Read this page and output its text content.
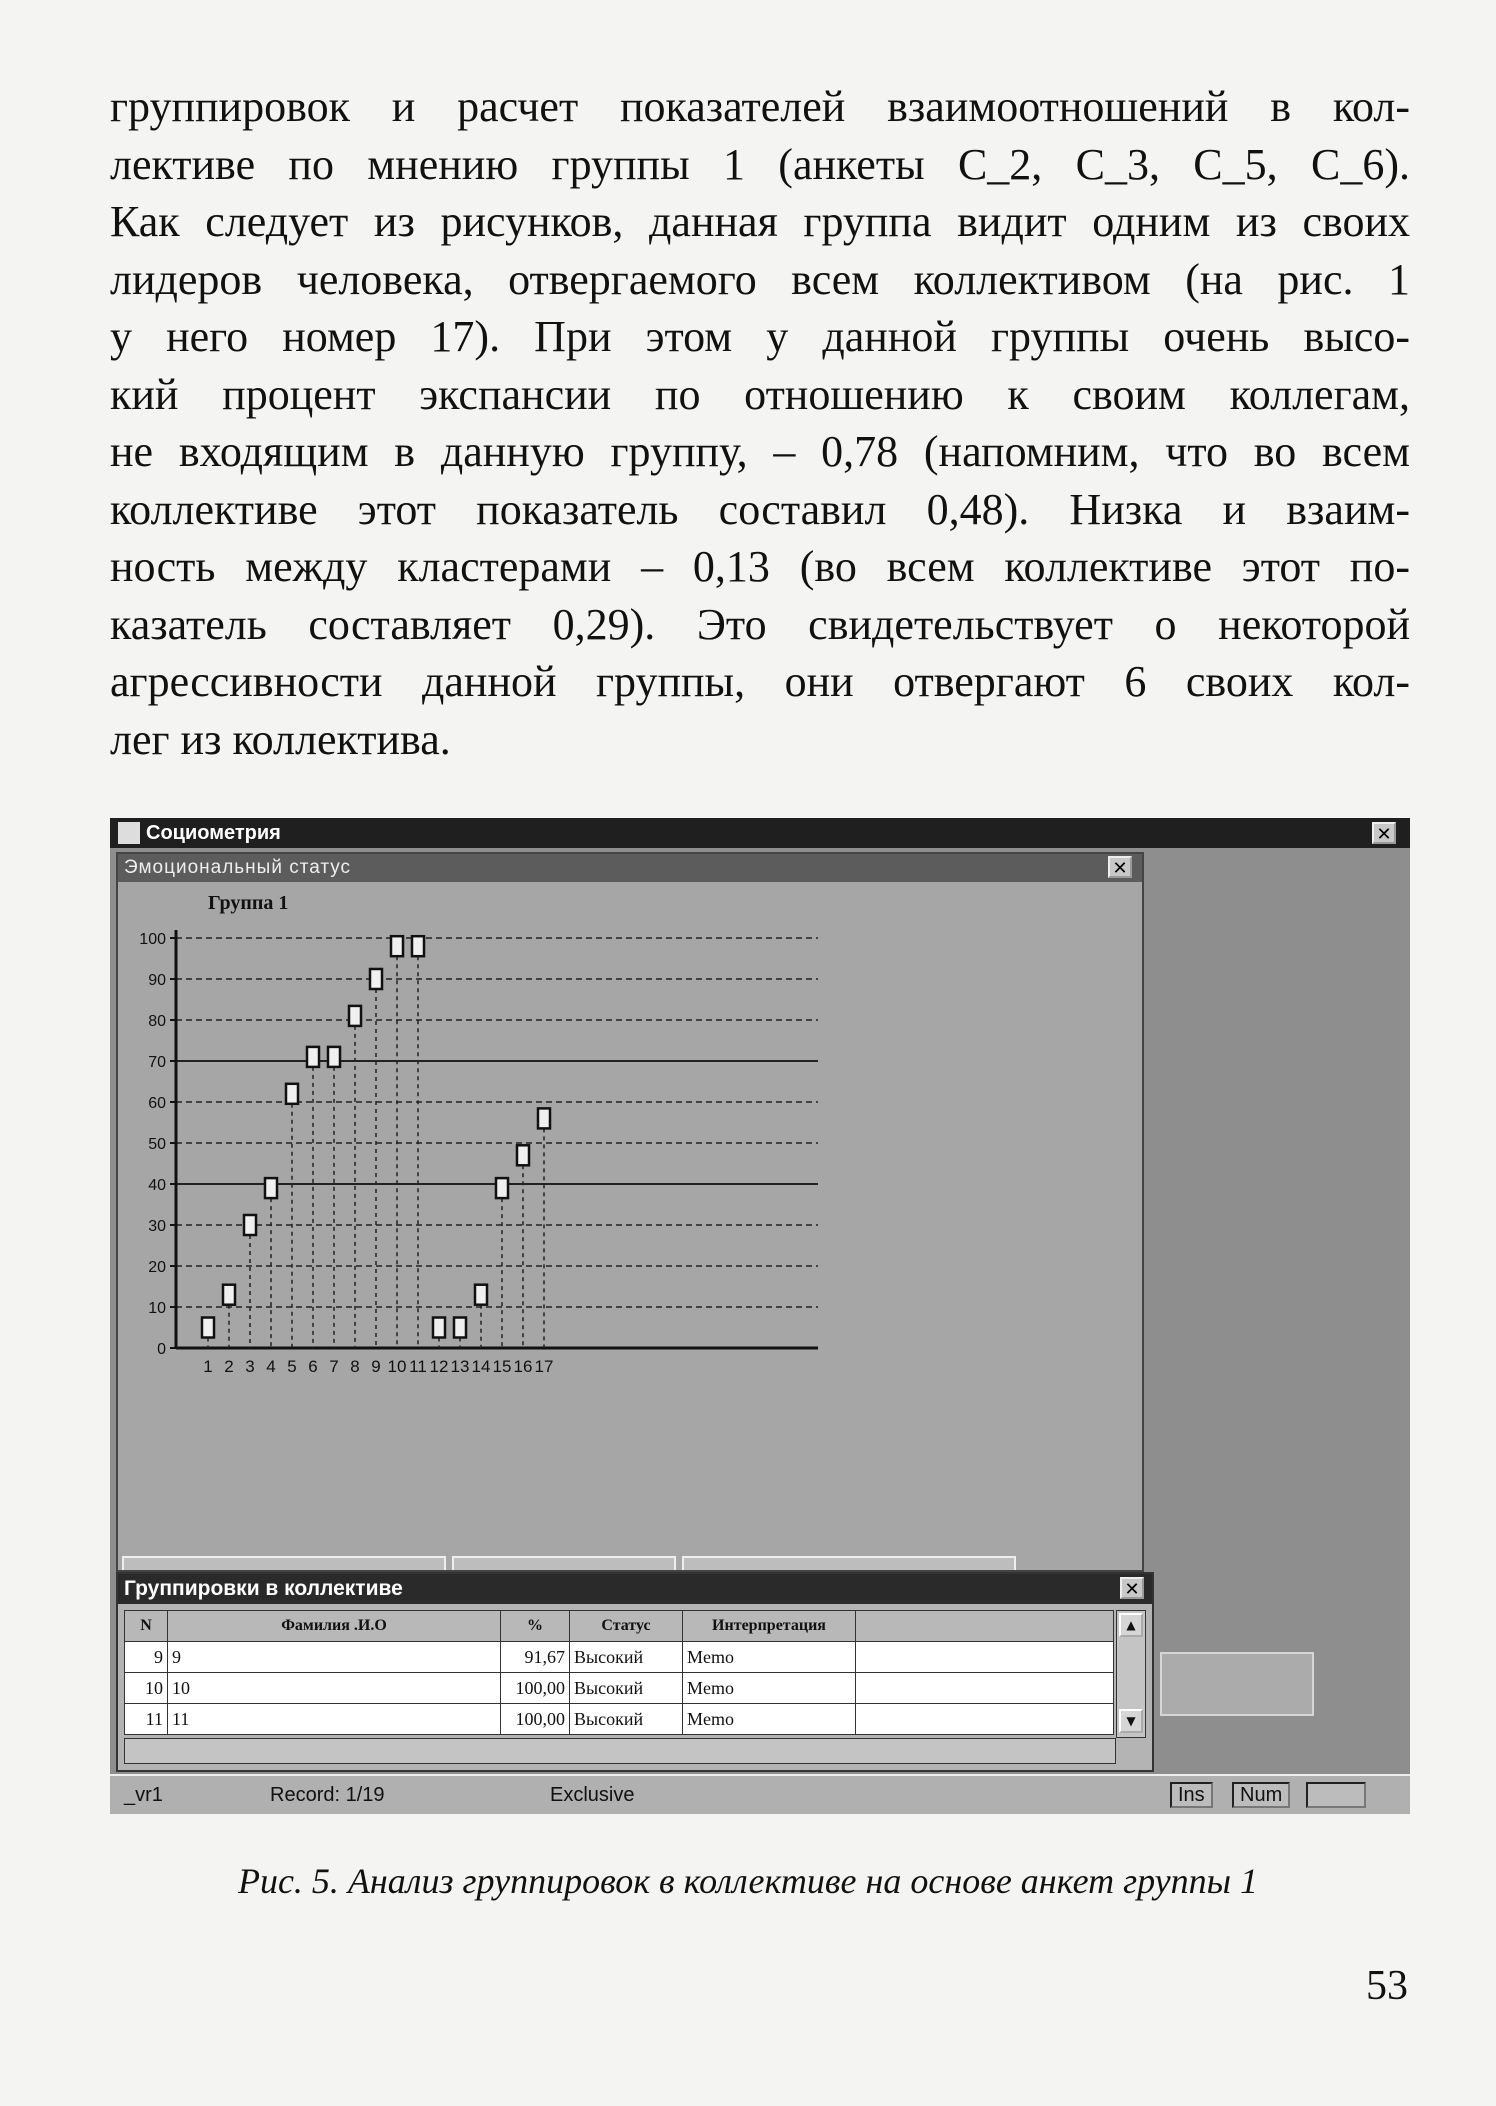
группировок и расчет показателей взаимоотношений в кол-
лективе по мнению группы 1 (анкеты С_2, С_3, С_5, С_6).
Как следует из рисунков, данная группа видит одним из своих
лидеров человека, отвергаемого всем коллективом (на рис. 1
у него номер 17). При этом у данной группы очень высо-
кий процент экспансии по отношению к своим коллегам,
не входящим в данную группу, – 0,78 (напомним, что во всем
коллективе этот показатель составил 0,48). Низка и взаим-
ность между кластерами – 0,13 (во всем коллективе этот по-
казатель составляет 0,29). Это свидетельствует о некоторой
агрессивности данной группы, они отвергают 6 своих кол-
лег из коллектива.
Социометрия	✕
Эмоциональный статус	✕
Группа 1
0
10
20
30
40
50
60
70
80
90
100
1 2 3 4 5 6 7 8 9 10 11 12 13 14 15 16 17
Группировки в коллективе	✕
N	Фамилия .И.О	%	Статус	Интерпретация	
9	9	91,67	Высокий	Memo	
10	10	100,00	Высокий	Memo	
11	11	100,00	Высокий	Memo	
▲
▼
_vr1	Record: 1/19	Exclusive	Ins	Num
Рис. 5. Анализ группировок в коллективе на основе анкет группы 1
53
